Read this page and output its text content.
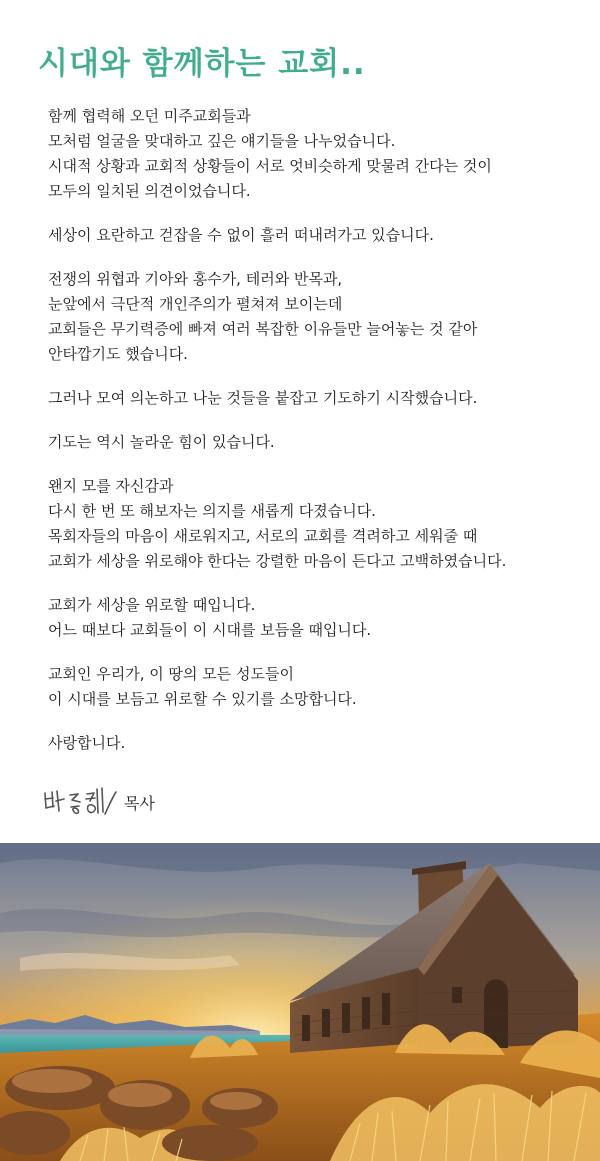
시대와 함께하는 교회..
함께 협력해 오던 미주교회들과
모처럼 얼굴을 맞대하고 깊은 얘기들을 나누었습니다.
시대적 상황과 교회적 상황들이 서로 엇비슷하게 맞물려 간다는 것이
모두의 일치된 의견이었습니다.
세상이 요란하고 걷잡을 수 없이 흘러 떠내려가고 있습니다.
전쟁의 위협과 기아와 홍수가, 테러와 반목과,
눈앞에서 극단적 개인주의가 펼쳐져 보이는데
교회들은 무기력증에 빠져 여러 복잡한 이유들만 늘어놓는 것 같아
안타깝기도 했습니다.
그러나 모여 의논하고 나눈 것들을 붙잡고 기도하기 시작했습니다.
기도는 역시 놀라운 힘이 있습니다.
왠지 모를 자신감과
다시 한 번 또 해보자는 의지를 새롭게 다졌습니다.
목회자들의 마음이 새로워지고, 서로의 교회를 격려하고 세워줄 때
교회가 세상을 위로해야 한다는 강렬한 마음이 든다고 고백하였습니다.
교회가 세상을 위로할 때입니다.
어느 때보다 교회들이 이 시대를 보듬을 때입니다.
교회인 우리가, 이 땅의 모든 성도들이
이 시대를 보듬고 위로할 수 있기를 소망합니다.
사랑합니다.
목사
